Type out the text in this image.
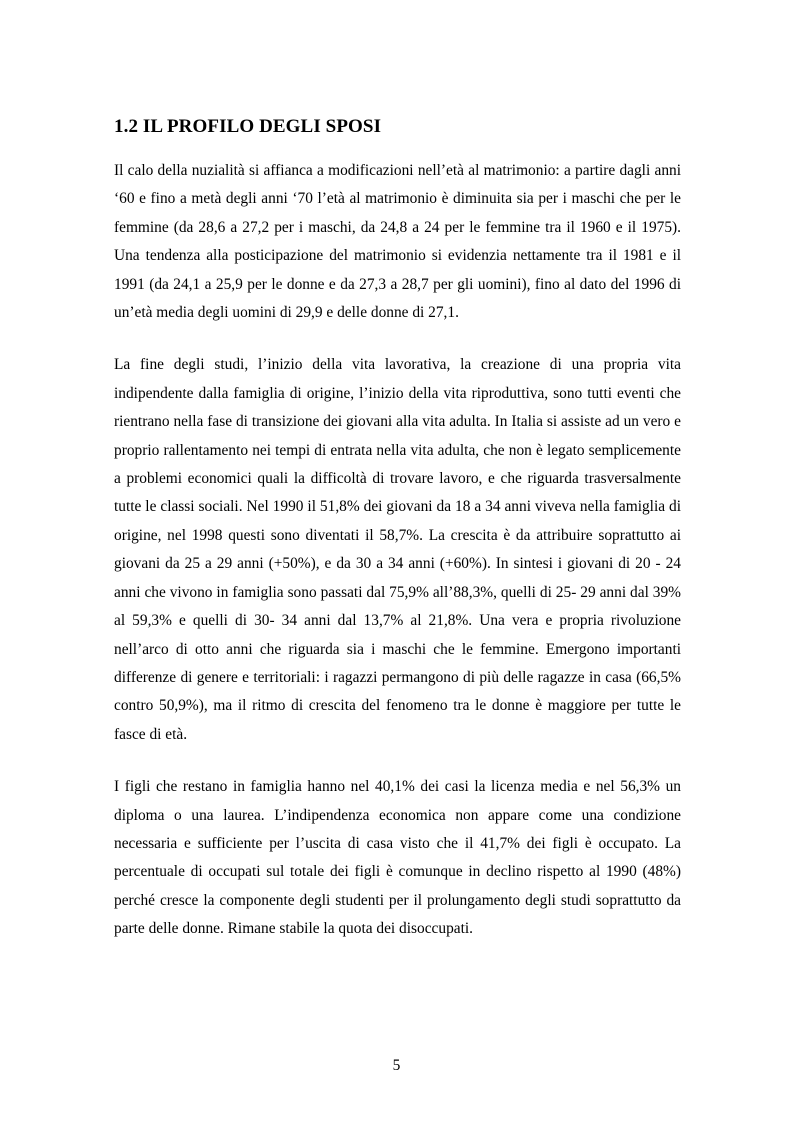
1.2 IL PROFILO DEGLI SPOSI

Il calo della nuzialità si affianca a modificazioni nell’età al matrimonio: a partire dagli anni ‘60 e fino a metà degli anni ‘70 l’età al matrimonio è diminuita sia per i maschi che per le femmine (da 28,6 a 27,2 per i maschi, da 24,8 a 24 per le femmine tra il 1960 e il 1975). Una tendenza alla posticipazione del matrimonio si evidenzia nettamente tra il 1981 e il 1991 (da 24,1 a 25,9 per le donne e da 27,3 a 28,7 per gli uomini), fino al dato del 1996 di un’età media degli uomini di 29,9 e delle donne di 27,1.

La fine degli studi, l’inizio della vita lavorativa, la creazione di una propria vita indipendente dalla famiglia di origine, l’inizio della vita riproduttiva, sono tutti eventi che rientrano nella fase di transizione dei giovani alla vita adulta. In Italia si assiste ad un vero e proprio rallentamento nei tempi di entrata nella vita adulta, che non è legato semplicemente a problemi economici quali la difficoltà di trovare lavoro, e che riguarda trasversalmente tutte le classi sociali. Nel 1990 il 51,8% dei giovani da 18 a 34 anni viveva nella famiglia di origine, nel 1998 questi sono diventati il 58,7%. La crescita è da attribuire soprattutto ai giovani da 25 a 29 anni (+50%), e da 30 a 34 anni (+60%). In sintesi i giovani di 20 - 24 anni che vivono in famiglia sono passati dal 75,9% all’88,3%, quelli di 25- 29 anni dal 39% al 59,3% e quelli di 30- 34 anni dal 13,7% al 21,8%. Una vera e propria rivoluzione nell’arco di otto anni che riguarda sia i maschi che le femmine. Emergono importanti differenze di genere e territoriali: i ragazzi permangono di più delle ragazze in casa (66,5% contro 50,9%), ma il ritmo di crescita del fenomeno tra le donne è maggiore per tutte le fasce di età.

I figli che restano in famiglia hanno nel 40,1% dei casi la licenza media e nel 56,3% un diploma o una laurea. L’indipendenza economica non appare come una condizione necessaria e sufficiente per l’uscita di casa visto che il 41,7% dei figli è occupato. La percentuale di occupati sul totale dei figli è comunque in declino rispetto al 1990 (48%) perché cresce la componente degli studenti per il prolungamento degli studi soprattutto da parte delle donne. Rimane stabile la quota dei disoccupati.

5
